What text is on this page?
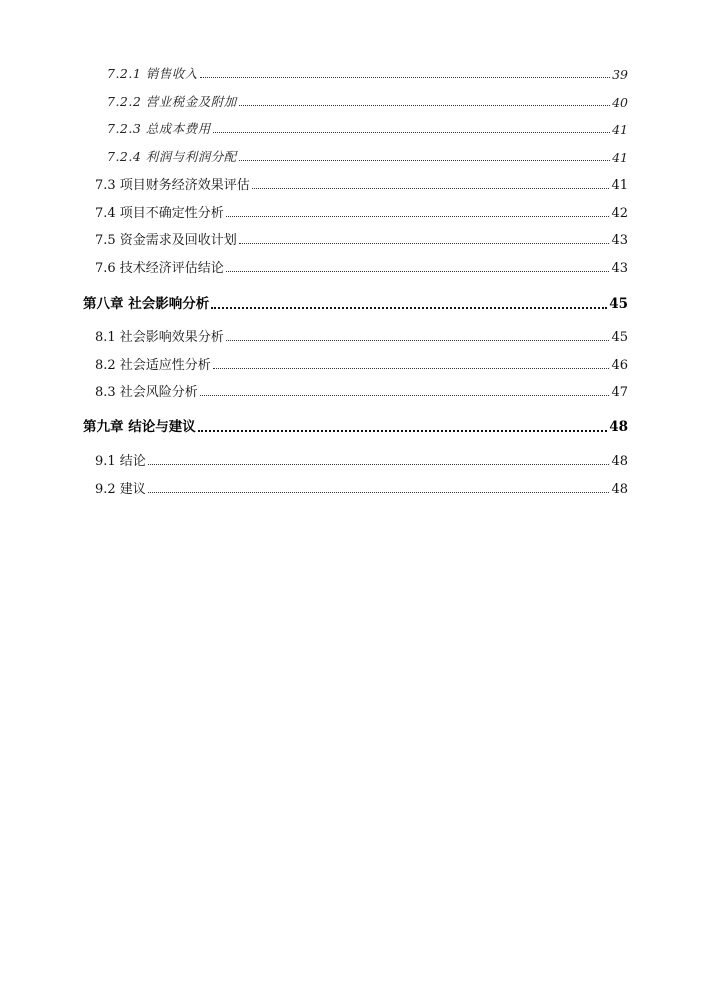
7.2.1 销售收入	39
7.2.2 营业税金及附加	40
7.2.3 总成本费用	41
7.2.4 利润与利润分配	41
7.3 项目财务经济效果评估	41
7.4 项目不确定性分析	42
7.5 资金需求及回收计划	43
7.6 技术经济评估结论	43
第八章 社会影响分析	45
8.1 社会影响效果分析	45
8.2 社会适应性分析	46
8.3 社会风险分析	47
第九章 结论与建议	48
9.1 结论	48
9.2 建议	48
